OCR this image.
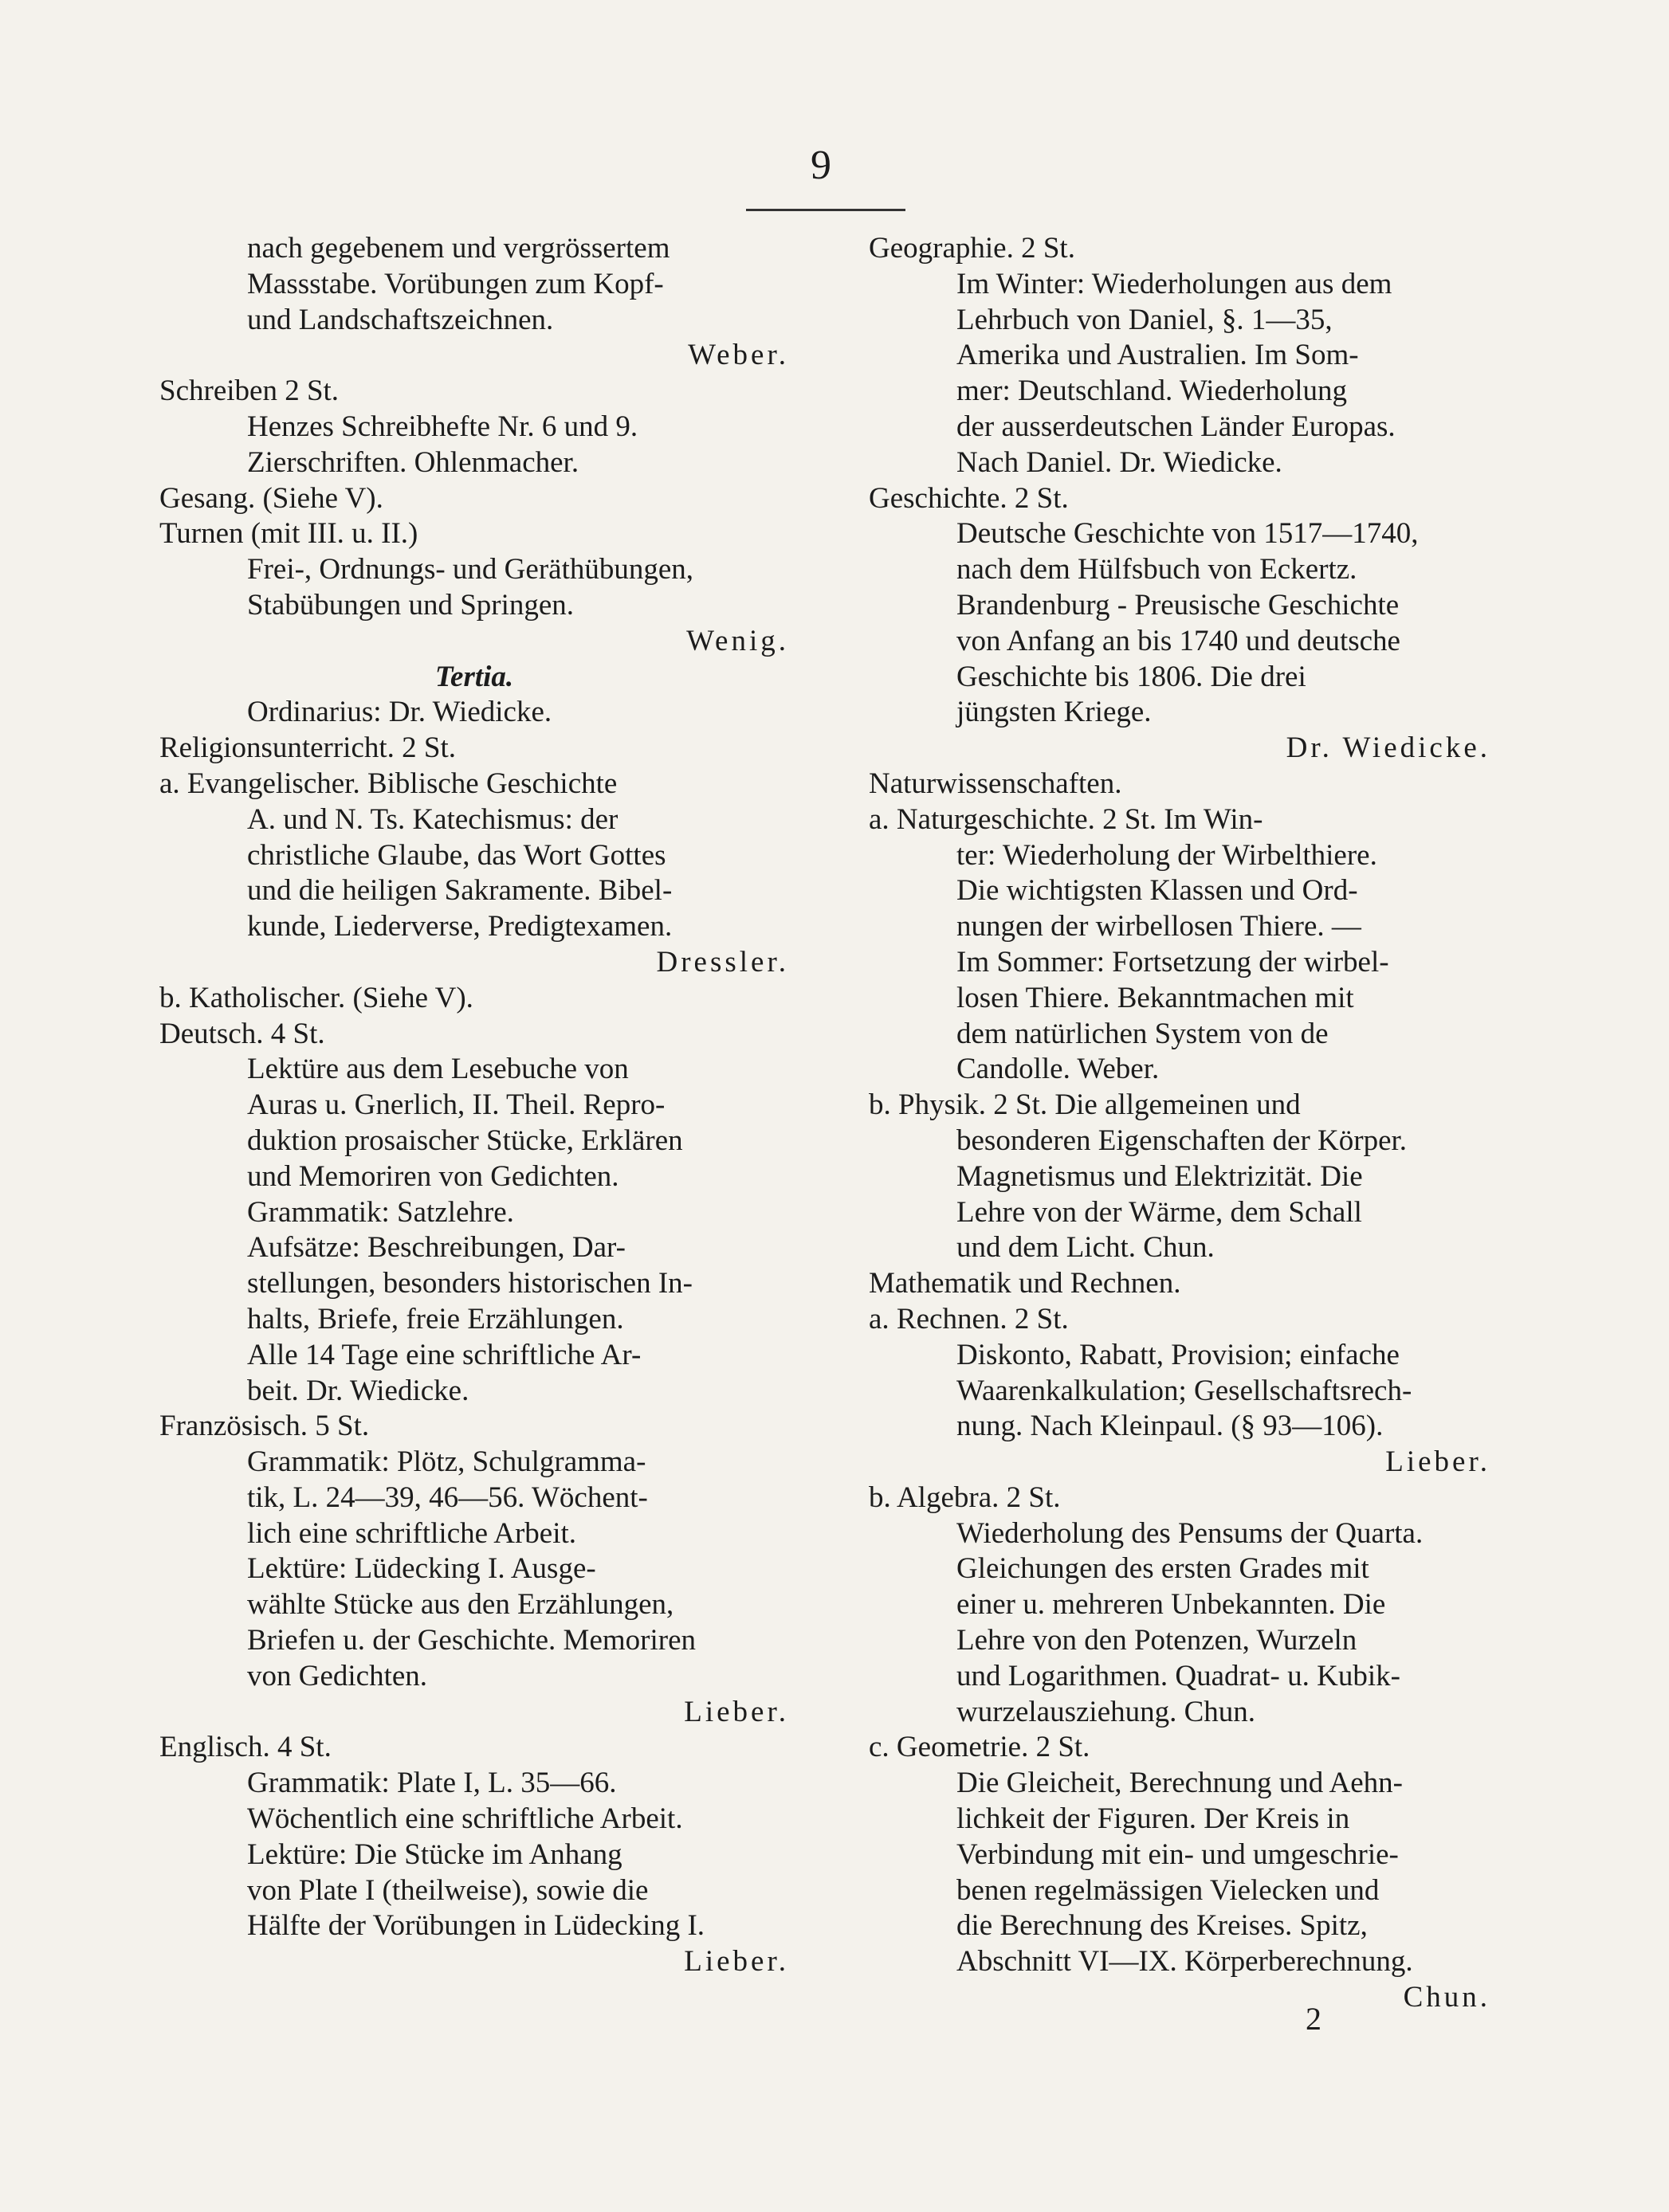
9
nach gegebenem und vergrössertem
Massstabe. Vorübungen zum Kopf-
und Landschaftszeichnen.
Weber.
Schreiben 2 St.
Henzes Schreibhefte Nr. 6 und 9.
Zierschriften. Ohlenmacher.
Gesang. (Siehe V).
Turnen (mit III. u. II.)
Frei-, Ordnungs- und Geräthübungen,
Stabübungen und Springen.
Wenig.
Tertia.
Ordinarius: Dr. Wiedicke.
Religionsunterricht. 2 St.
a. Evangelischer. Biblische Geschichte
A. und N. Ts. Katechismus: der
christliche Glaube, das Wort Gottes
und die heiligen Sakramente. Bibel-
kunde, Liederverse, Predigtexamen.
Dressler.
b. Katholischer. (Siehe V).
Deutsch. 4 St.
Lektüre aus dem Lesebuche von
Auras u. Gnerlich, II. Theil. Repro-
duktion prosaischer Stücke, Erklären
und Memoriren von Gedichten.
Grammatik: Satzlehre.
Aufsätze: Beschreibungen, Dar-
stellungen, besonders historischen In-
halts, Briefe, freie Erzählungen.
Alle 14 Tage eine schriftliche Ar-
beit. Dr. Wiedicke.
Französisch. 5 St.
Grammatik: Plötz, Schulgramma-
tik, L. 24—39, 46—56. Wöchent-
lich eine schriftliche Arbeit.
Lektüre: Lüdecking I. Ausge-
wählte Stücke aus den Erzählungen,
Briefen u. der Geschichte. Memoriren
von Gedichten.
Lieber.
Englisch. 4 St.
Grammatik: Plate I, L. 35—66.
Wöchentlich eine schriftliche Arbeit.
Lektüre: Die Stücke im Anhang
von Plate I (theilweise), sowie die
Hälfte der Vorübungen in Lüdecking I.
Lieber.
Geographie. 2 St.
Im Winter: Wiederholungen aus dem
Lehrbuch von Daniel, §. 1—35,
Amerika und Australien. Im Som-
mer: Deutschland. Wiederholung
der ausserdeutschen Länder Europas.
Nach Daniel. Dr. Wiedicke.
Geschichte. 2 St.
Deutsche Geschichte von 1517—1740,
nach dem Hülfsbuch von Eckertz.
Brandenburg - Preusische Geschichte
von Anfang an bis 1740 und deutsche
Geschichte bis 1806. Die drei
jüngsten Kriege.
Dr. Wiedicke.
Naturwissenschaften.
a. Naturgeschichte. 2 St. Im Win-
ter: Wiederholung der Wirbelthiere.
Die wichtigsten Klassen und Ord-
nungen der wirbellosen Thiere. —
Im Sommer: Fortsetzung der wirbel-
losen Thiere. Bekanntmachen mit
dem natürlichen System von de
Candolle. Weber.
b. Physik. 2 St. Die allgemeinen und
besonderen Eigenschaften der Körper.
Magnetismus und Elektrizität. Die
Lehre von der Wärme, dem Schall
und dem Licht. Chun.
Mathematik und Rechnen.
a. Rechnen. 2 St.
Diskonto, Rabatt, Provision; einfache
Waarenkalkulation; Gesellschaftsrech-
nung. Nach Kleinpaul. (§ 93—106).
Lieber.
b. Algebra. 2 St.
Wiederholung des Pensums der Quarta.
Gleichungen des ersten Grades mit
einer u. mehreren Unbekannten. Die
Lehre von den Potenzen, Wurzeln
und Logarithmen. Quadrat- u. Kubik-
wurzelausziehung. Chun.
c. Geometrie. 2 St.
Die Gleicheit, Berechnung und Aehn-
lichkeit der Figuren. Der Kreis in
Verbindung mit ein- und umgeschrie-
benen regelmässigen Vielecken und
die Berechnung des Kreises. Spitz,
Abschnitt VI—IX. Körperberechnung.
Chun.
2
